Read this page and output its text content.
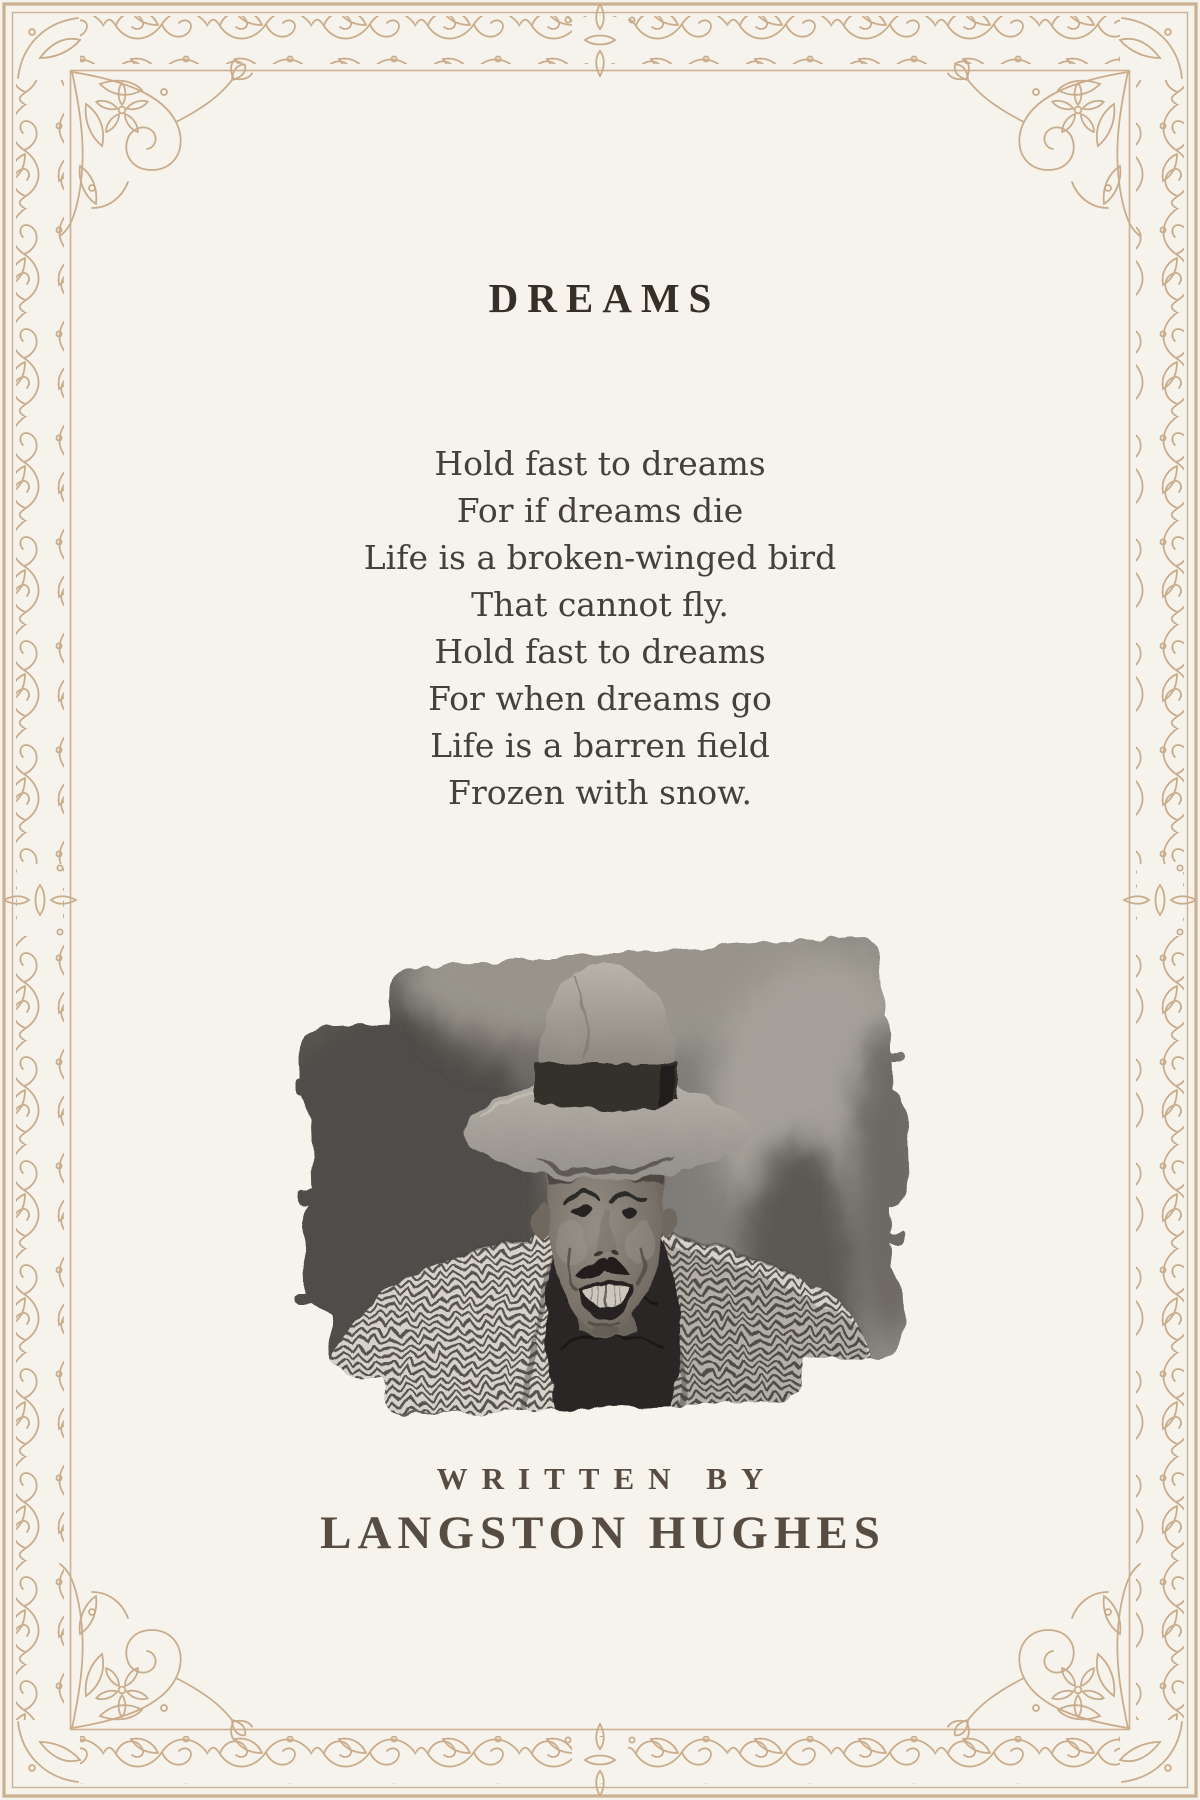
DREAMS
Hold fast to dreams
For if dreams die
Life is a broken-winged bird
That cannot fly.
Hold fast to dreams
For when dreams go
Life is a barren field
Frozen with snow.
WRITTEN BY
LANGSTON HUGHES
